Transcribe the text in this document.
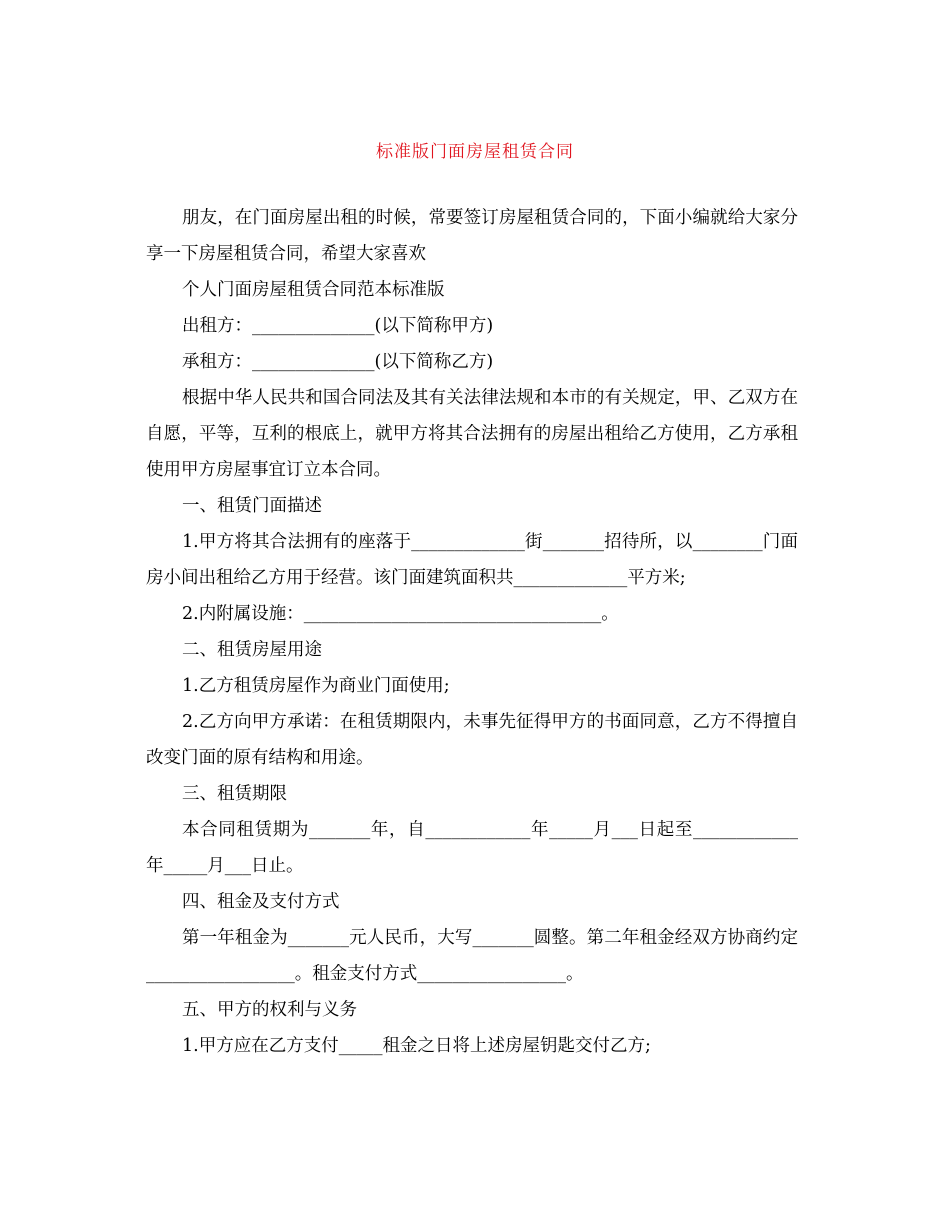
标准版门面房屋租赁合同

朋友，在门面房屋出租的时候，常要签订房屋租赁合同的，下面小编就给大家分享一下房屋租赁合同，希望大家喜欢

个人门面房屋租赁合同范本标准版

出租方：______________(以下简称甲方)

承租方：______________(以下简称乙方)

根据中华人民共和国合同法及其有关法律法规和本市的有关规定，甲、乙双方在自愿，平等，互利的根底上，就甲方将其合法拥有的房屋出租给乙方使用，乙方承租使用甲方房屋事宜订立本合同。

一、租赁门面描述

1.甲方将其合法拥有的座落于_____________街_______招待所，以________门面房小间出租给乙方用于经营。该门面建筑面积共_____________平方米;

2.内附属设施：__________________________________。

二、租赁房屋用途

1.乙方租赁房屋作为商业门面使用;

2.乙方向甲方承诺：在租赁期限内，未事先征得甲方的书面同意，乙方不得擅自改变门面的原有结构和用途。

三、租赁期限

本合同租赁期为_______年，自____________年_____月___日起至____________年_____月___日止。

四、租金及支付方式

第一年租金为_______元人民币，大写_______圆整。第二年租金经双方协商约定_________________。租金支付方式_________________。

五、甲方的权利与义务

1.甲方应在乙方支付_____租金之日将上述房屋钥匙交付乙方;
